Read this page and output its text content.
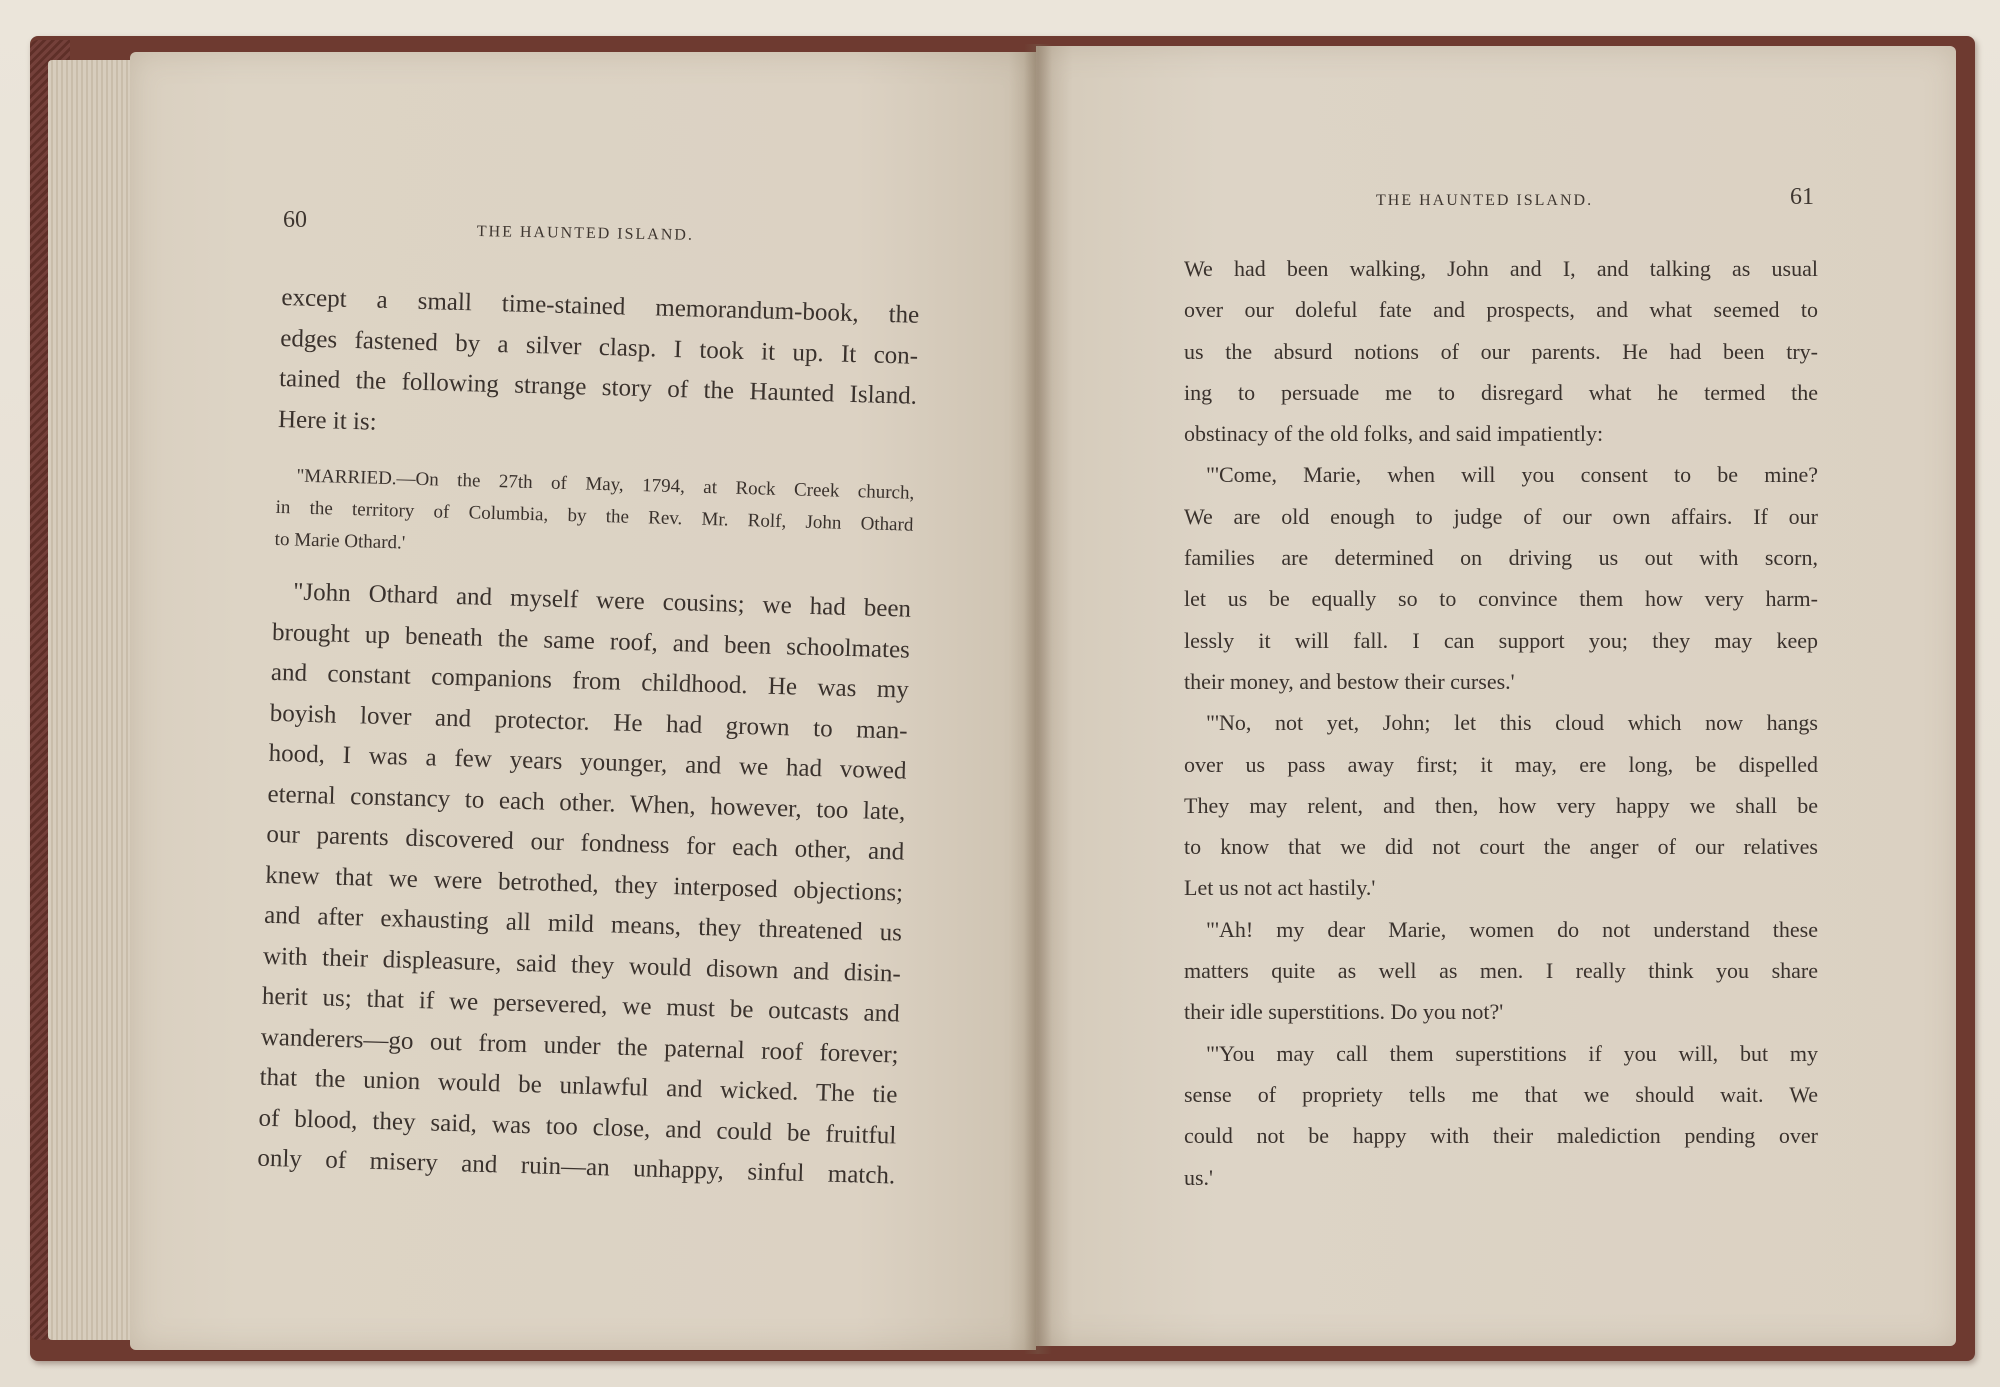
60
THE HAUNTED ISLAND.

except a small time-stained memorandum-book, the
edges fastened by a silver clasp. I took it up. It con-
tained the following strange story of the Haunted Island.
Here it is:

"MARRIED.—On the 27th of May, 1794, at Rock Creek church,
in the territory of Columbia, by the Rev. Mr. Rolf, John Othard
to Marie Othard.'

"John Othard and myself were cousins; we had been
brought up beneath the same roof, and been schoolmates
and constant companions from childhood. He was my
boyish lover and protector. He had grown to man-
hood, I was a few years younger, and we had vowed
eternal constancy to each other. When, however, too late,
our parents discovered our fondness for each other, and
knew that we were betrothed, they interposed objections;
and after exhausting all mild means, they threatened us
with their displeasure, said they would disown and disin-
herit us; that if we persevered, we must be outcasts and
wanderers—go out from under the paternal roof forever;
that the union would be unlawful and wicked. The tie
of blood, they said, was too close, and could be fruitful
only of misery and ruin—an unhappy, sinful match.

THE HAUNTED ISLAND.	61

We had been walking, John and I, and talking as usual
over our doleful fate and prospects, and what seemed to
us the absurd notions of our parents. He had been try-
ing to persuade me to disregard what he termed the
obstinacy of the old folks, and said impatiently:

"'Come, Marie, when will you consent to be mine?
We are old enough to judge of our own affairs. If our
families are determined on driving us out with scorn,
let us be equally so to convince them how very harm-
lessly it will fall. I can support you; they may keep
their money, and bestow their curses.'

"'No, not yet, John; let this cloud which now hangs
over us pass away first; it may, ere long, be dispelled
They may relent, and then, how very happy we shall be
to know that we did not court the anger of our relatives
Let us not act hastily.'

"'Ah! my dear Marie, women do not understand these
matters quite as well as men. I really think you share
their idle superstitions. Do you not?'

"'You may call them superstitions if you will, but my
sense of propriety tells me that we should wait. We
could not be happy with their malediction pending over
us.'
